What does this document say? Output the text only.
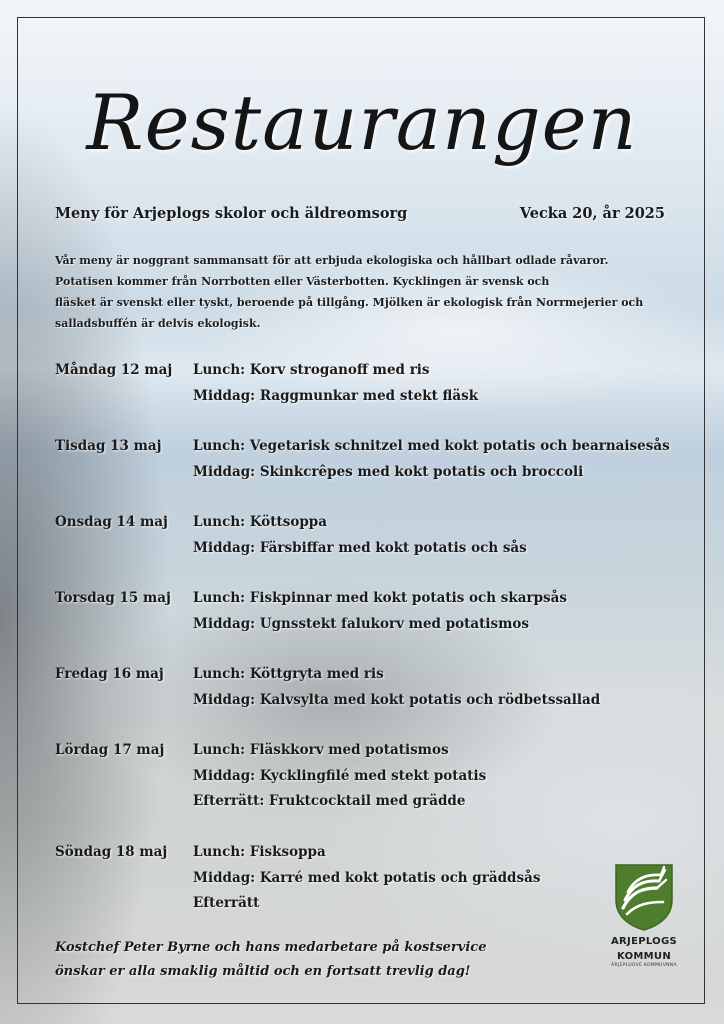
Restaurangen
Meny för Arjeplogs skolor och äldreomsorg	Vecka 20, år 2025
Vår meny är noggrant sammansatt för att erbjuda ekologiska och hållbart odlade råvaror.
Potatisen kommer från Norrbotten eller Västerbotten. Kycklingen är svensk och
fläsket är svenskt eller tyskt, beroende på tillgång. Mjölken är ekologisk från Norrmejerier och
salladsbuffén är delvis ekologisk.
Måndag 12 maj	Lunch: Korv stroganoff med ris
Middag: Raggmunkar med stekt fläsk
Tisdag 13 maj	Lunch: Vegetarisk schnitzel med kokt potatis och bearnaisesås
Middag: Skinkcrêpes med kokt potatis och broccoli
Onsdag 14 maj	Lunch: Köttsoppa
Middag: Färsbiffar med kokt potatis och sås
Torsdag 15 maj	Lunch: Fiskpinnar med kokt potatis och skarpsås
Middag: Ugnsstekt falukorv med potatismos
Fredag 16 maj	Lunch: Köttgryta med ris
Middag: Kalvsylta med kokt potatis och rödbetssallad
Lördag 17 maj	Lunch: Fläskkorv med potatismos
Middag: Kycklingfilé med stekt potatis
Efterrätt: Fruktcocktail med grädde
Söndag 18 maj	Lunch: Fisksoppa
Middag: Karré med kokt potatis och gräddsås
Efterrätt
Kostchef Peter Byrne och hans medarbetare på kostservice
önskar er alla smaklig måltid och en fortsatt trevlig dag!
ARJEPLOGS
KOMMUN
ÁRJEPLUOVE KOMMUVNNA
